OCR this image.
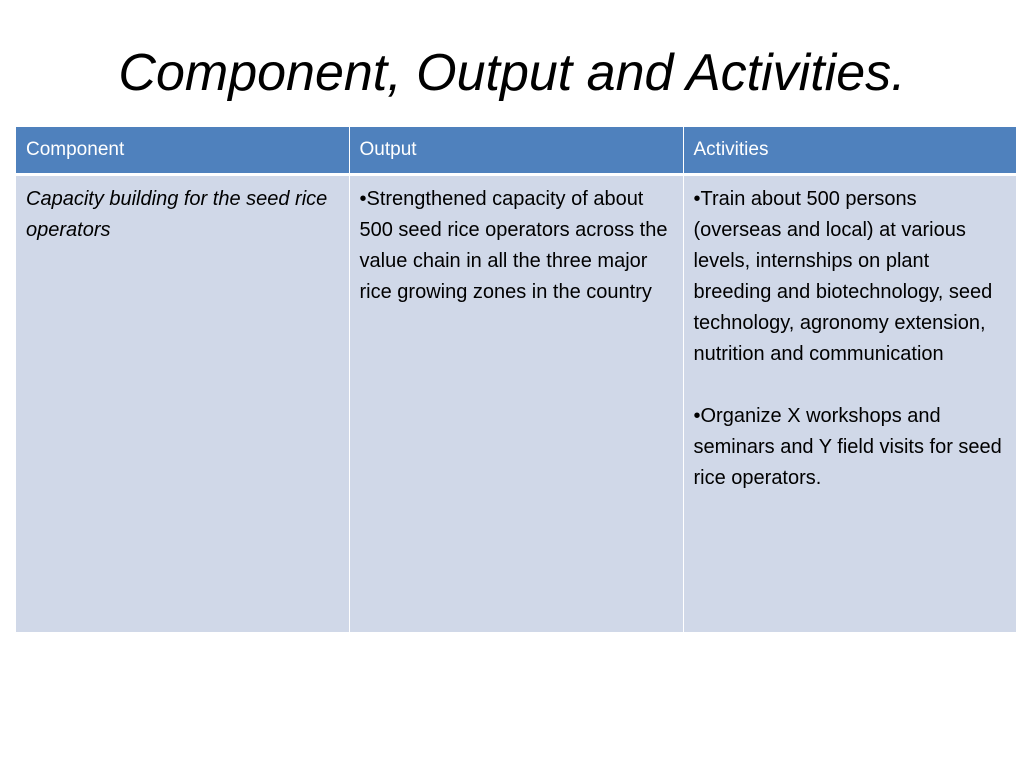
Component, Output and Activities.
Component	Output	Activities
Capacity building for the seed rice operators	•Strengthened capacity of about 500 seed rice operators across the value chain in all the three major rice growing zones in the country	•Train about 500 persons (overseas and local) at various levels, internships on plant breeding and biotechnology, seed technology, agronomy extension, nutrition and communication

•Organize X workshops and seminars and Y field visits for seed rice operators.
